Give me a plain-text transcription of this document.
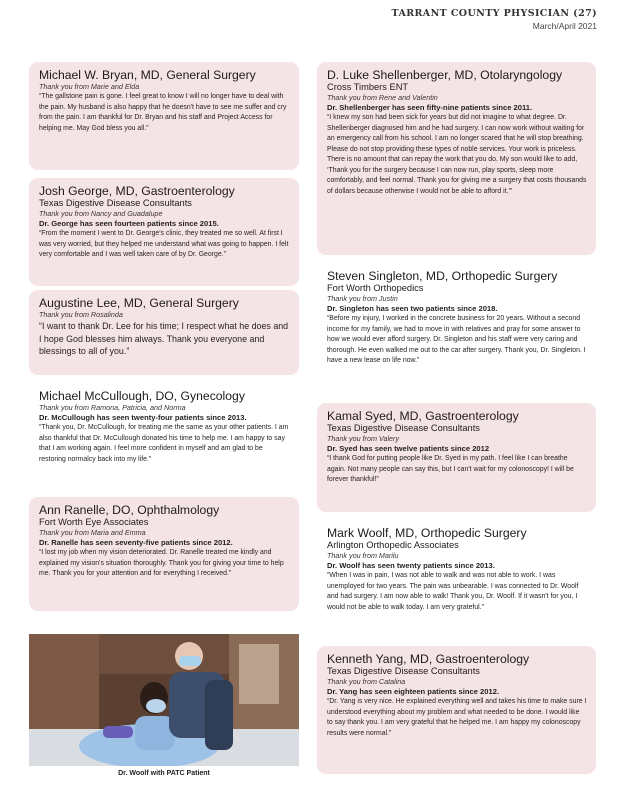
TARRANT COUNTY PHYSICIAN (27)
March/April 2021
Michael W. Bryan, MD, General Surgery
Thank you from Marie and Elda
“The gallstone pain is gone. I feel great to know I will no longer have to deal with the pain. My husband is also happy that he doesn't have to see me suffer and cry from the pain. I am thankful for Dr. Bryan and his staff and Project Access for helping me. May God bless you all.”
Josh George, MD, Gastroenterology
Texas Digestive Disease Consultants
Thank you from Nancy and Guadalupe
Dr. George has seen fourteen patients since 2015.
“From the moment I went to Dr. George's clinic, they treated me so well. At first I was very worried, but they helped me understand what was going to happen. I felt very comfortable and I was well taken care of by Dr. George.”
Augustine Lee, MD, General Surgery
Thank you from Rosalinda
“I want to thank Dr. Lee for his time; I respect what he does and I hope God blesses him always. Thank you everyone and blessings to all of you.”
Michael McCullough, DO, Gynecology
Thank you from Ramona, Patricia, and Norma
Dr. McCullough has seen twenty-four patients since 2013.
“Thank you, Dr. McCullough, for treating me the same as your other patients. I am also thankful that Dr. McCullough donated his time to help me. I am happy to say that I am working again. I feel more confident in myself and am glad to be restoring normalcy back into my life.”
Ann Ranelle, DO, Ophthalmology
Fort Worth Eye Associates
Thank you from Maria and Emma
Dr. Ranelle has seen seventy-five patients since 2012.
“I lost my job when my vision deteriorated. Dr. Ranelle treated me kindly and explained my vision's situation thoroughly. Thank you for giving your time to help me. Thank you for your attention and for everything I received.”
D. Luke Shellenberger, MD, Otolaryngology
Cross Timbers ENT
Thank you from Rene and Valentin
Dr. Shellenberger has seen fifty-nine patients since 2011.
“I knew my son had been sick for years but did not imagine to what degree. Dr. Shellenberger diagnosed him and he had surgery. I can now work without waiting for an emergency call from his school. I am no longer scared that he will stop breathing. Please do not stop providing these types of noble services. Your work is priceless. There is no amount that can repay the work that you do. My son would like to add, ‘Thank you for the surgery because I can now run, play sports, sleep more comfortably, and feel normal. Thank you for giving me a surgery that costs thousands of dollars because otherwise I would not be able to afford it.’”
Steven Singleton, MD, Orthopedic Surgery
Fort Worth Orthopedics
Thank you from Justin
Dr. Singleton has seen two patients since 2018.
“Before my injury, I worked in the concrete business for 20 years. Without a second income for my family, we had to move in with relatives and pray for some answer to how we would ever afford surgery. Dr. Singleton and his staff were very caring and thorough. He even walked me out to the car after surgery. Thank you, Dr. Singleton. I have a new lease on life now.”
Kamal Syed, MD, Gastroenterology
Texas Digestive Disease Consultants
Thank you from Valery
Dr. Syed has seen twelve patients since 2012
“I thank God for putting people like Dr. Syed in my path. I feel like I can breathe again. Not many people can say this, but I can't wait for my colonoscopy! I will be forever thankful!”
Mark Woolf, MD, Orthopedic Surgery
Arlington Orthopedic Associates
Thank you from Marilu
Dr. Woolf has seen twenty patients since 2013.
“When I was in pain, I was not able to walk and was not able to work. I was unemployed for two years. The pain was unbearable. I was connected to Dr. Woolf and had surgery. I am now able to walk! Thank you, Dr. Woolf. If it wasn't for you, I would not be able to walk today. I am very grateful.”
Kenneth Yang, MD, Gastroenterology
Texas Digestive Disease Consultants
Thank you from Catalina
Dr. Yang has seen eighteen patients since 2012.
“Dr. Yang is very nice. He explained everything well and takes his time to make sure I understood everything about my problem and what needed to be done. I would like to say thank you. I am very grateful that he helped me. I am happy my colonoscopy results were normal.”
Dr. Woolf with PATC Patient
